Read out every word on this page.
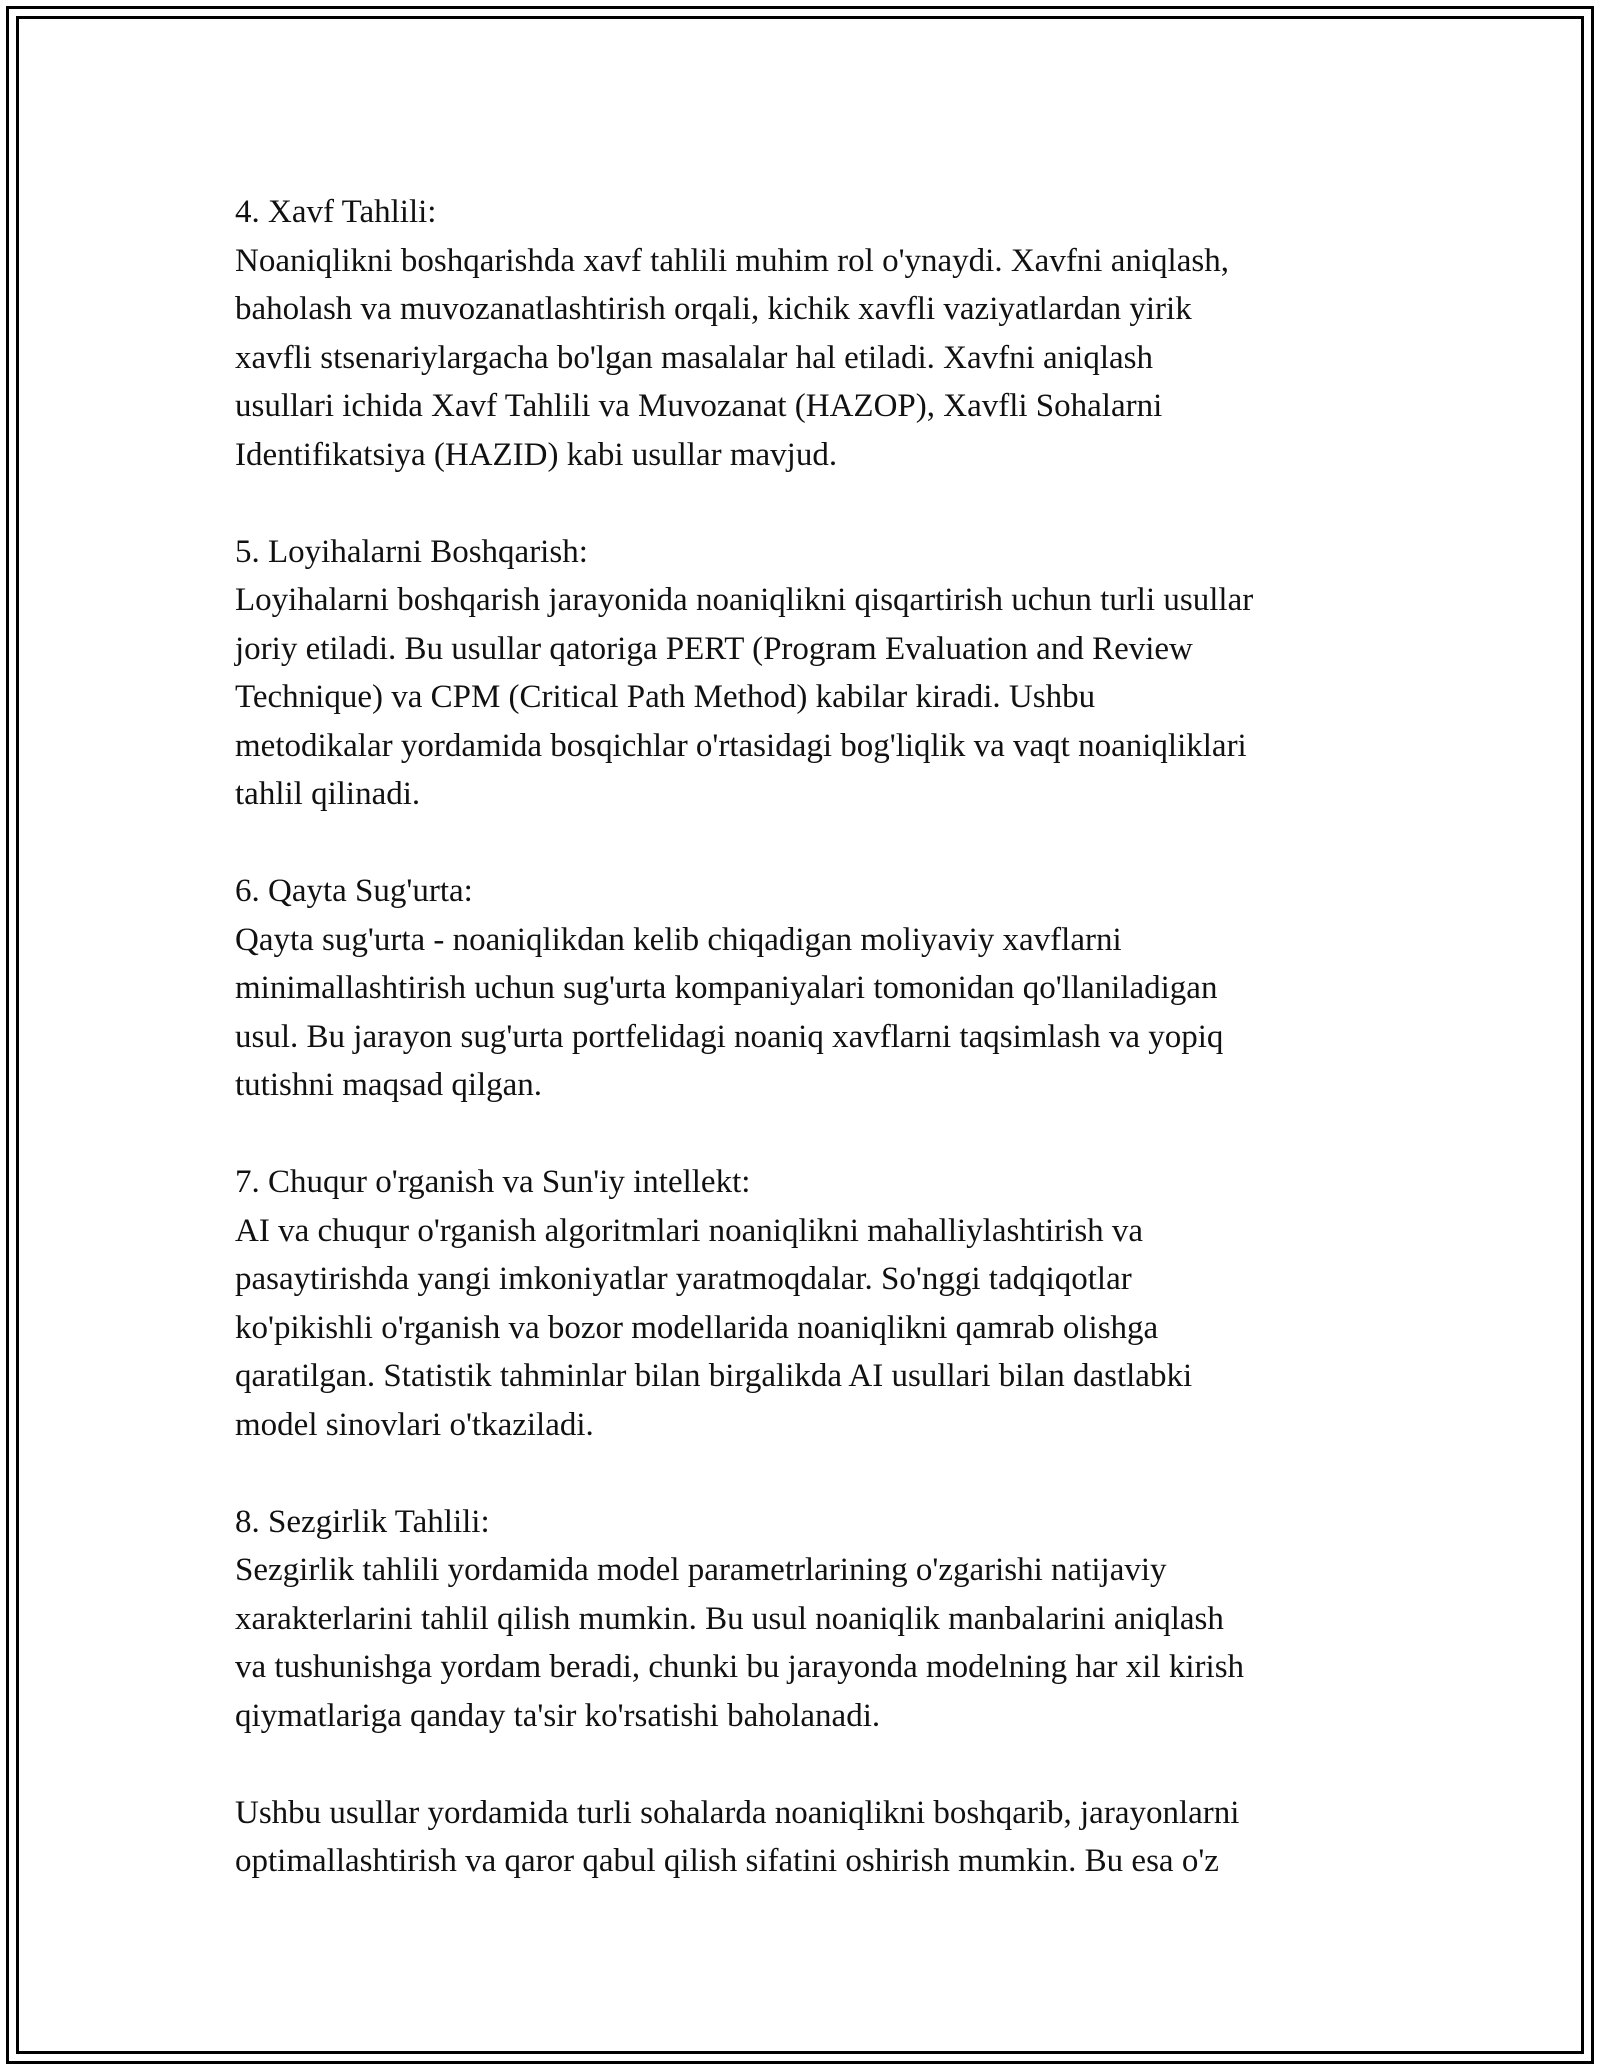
4. Xavf Tahlili:
Noaniqlikni boshqarishda xavf tahlili muhim rol o'ynaydi. Xavfni aniqlash,
baholash va muvozanatlashtirish orqali, kichik xavfli vaziyatlardan yirik
xavfli stsenariylargacha bo'lgan masalalar hal etiladi. Xavfni aniqlash
usullari ichida Xavf Tahlili va Muvozanat (HAZOP), Xavfli Sohalarni
Identifikatsiya (HAZID) kabi usullar mavjud.
5. Loyihalarni Boshqarish:
Loyihalarni boshqarish jarayonida noaniqlikni qisqartirish uchun turli usullar
joriy etiladi. Bu usullar qatoriga PERT (Program Evaluation and Review
Technique) va CPM (Critical Path Method) kabilar kiradi. Ushbu
metodikalar yordamida bosqichlar o'rtasidagi bog'liqlik va vaqt noaniqliklari
tahlil qilinadi.
6. Qayta Sug'urta:
Qayta sug'urta - noaniqlikdan kelib chiqadigan moliyaviy xavflarni
minimallashtirish uchun sug'urta kompaniyalari tomonidan qo'llaniladigan
usul. Bu jarayon sug'urta portfelidagi noaniq xavflarni taqsimlash va yopiq
tutishni maqsad qilgan.
7. Chuqur o'rganish va Sun'iy intellekt:
AI va chuqur o'rganish algoritmlari noaniqlikni mahalliylashtirish va
pasaytirishda yangi imkoniyatlar yaratmoqdalar. So'nggi tadqiqotlar
ko'pikishli o'rganish va bozor modellarida noaniqlikni qamrab olishga
qaratilgan. Statistik tahminlar bilan birgalikda AI usullari bilan dastlabki
model sinovlari o'tkaziladi.
8. Sezgirlik Tahlili:
Sezgirlik tahlili yordamida model parametrlarining o'zgarishi natijaviy
xarakterlarini tahlil qilish mumkin. Bu usul noaniqlik manbalarini aniqlash
va tushunishga yordam beradi, chunki bu jarayonda modelning har xil kirish
qiymatlariga qanday ta'sir ko'rsatishi baholanadi.
Ushbu usullar yordamida turli sohalarda noaniqlikni boshqarib, jarayonlarni
optimallashtirish va qaror qabul qilish sifatini oshirish mumkin. Bu esa o'z
